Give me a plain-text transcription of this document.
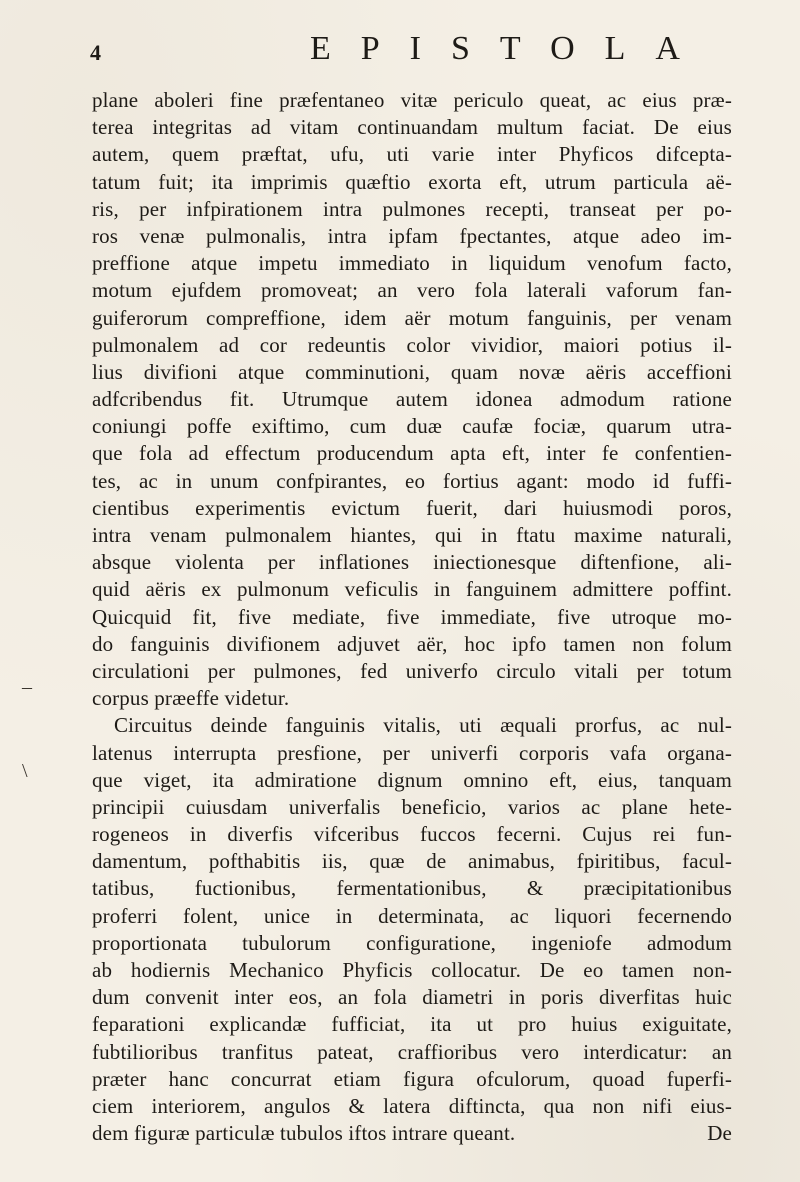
4	EPISTOLA
–
\
plane aboleri fine præfentaneo vitæ periculo queat, ac eius præ-
terea integritas ad vitam continuandam multum faciat. De eius
autem, quem præftat, ufu, uti varie inter Phyficos difcepta-
tatum fuit; ita imprimis quæftio exorta eft, utrum particula aë-
ris, per infpirationem intra pulmones recepti, transeat per po-
ros venæ pulmonalis, intra ipfam fpectantes, atque adeo im-
preffione atque impetu immediato in liquidum venofum facto,
motum ejufdem promoveat; an vero fola laterali vaforum fan-
guiferorum compreffione, idem aër motum fanguinis, per venam
pulmonalem ad cor redeuntis color vividior, maiori potius il-
lius divifioni atque comminutioni, quam novæ aëris acceffioni
adfcribendus fit. Utrumque autem idonea admodum ratione
coniungi poffe exiftimo, cum duæ caufæ fociæ, quarum utra-
que fola ad effectum producendum apta eft, inter fe confentien-
tes, ac in unum confpirantes, eo fortius agant: modo id fuffi-
cientibus experimentis evictum fuerit, dari huiusmodi poros,
intra venam pulmonalem hiantes, qui in ftatu maxime naturali,
absque violenta per inflationes iniectionesque diftenfione, ali-
quid aëris ex pulmonum veficulis in fanguinem admittere poffint.
Quicquid fit, five mediate, five immediate, five utroque mo-
do fanguinis divifionem adjuvet aër, hoc ipfo tamen non folum
circulationi per pulmones, fed univerfo circulo vitali per totum
corpus præeffe videtur.
Circuitus deinde fanguinis vitalis, uti æquali prorfus, ac nul-
latenus interrupta presfione, per univerfi corporis vafa organa-
que viget, ita admiratione dignum omnino eft, eius, tanquam
principii cuiusdam univerfalis beneficio, varios ac plane hete-
rogeneos in diverfis vifceribus fuccos fecerni. Cujus rei fun-
damentum, pofthabitis iis, quæ de animabus, fpiritibus, facul-
tatibus, fuctionibus, fermentationibus, & præcipitationibus
proferri folent, unice in determinata, ac liquori fecernendo
proportionata tubulorum configuratione, ingeniofe admodum
ab hodiernis Mechanico Phyficis collocatur. De eo tamen non-
dum convenit inter eos, an fola diametri in poris diverfitas huic
feparationi explicandæ fufficiat, ita ut pro huius exiguitate,
fubtilioribus tranfitus pateat, craffioribus vero interdicatur: an
præter hanc concurrat etiam figura ofculorum, quoad fuperfi-
ciem interiorem, angulos & latera diftincta, qua non nifi eius-
dem figuræ particulæ tubulos iftos intrare queant.	De
